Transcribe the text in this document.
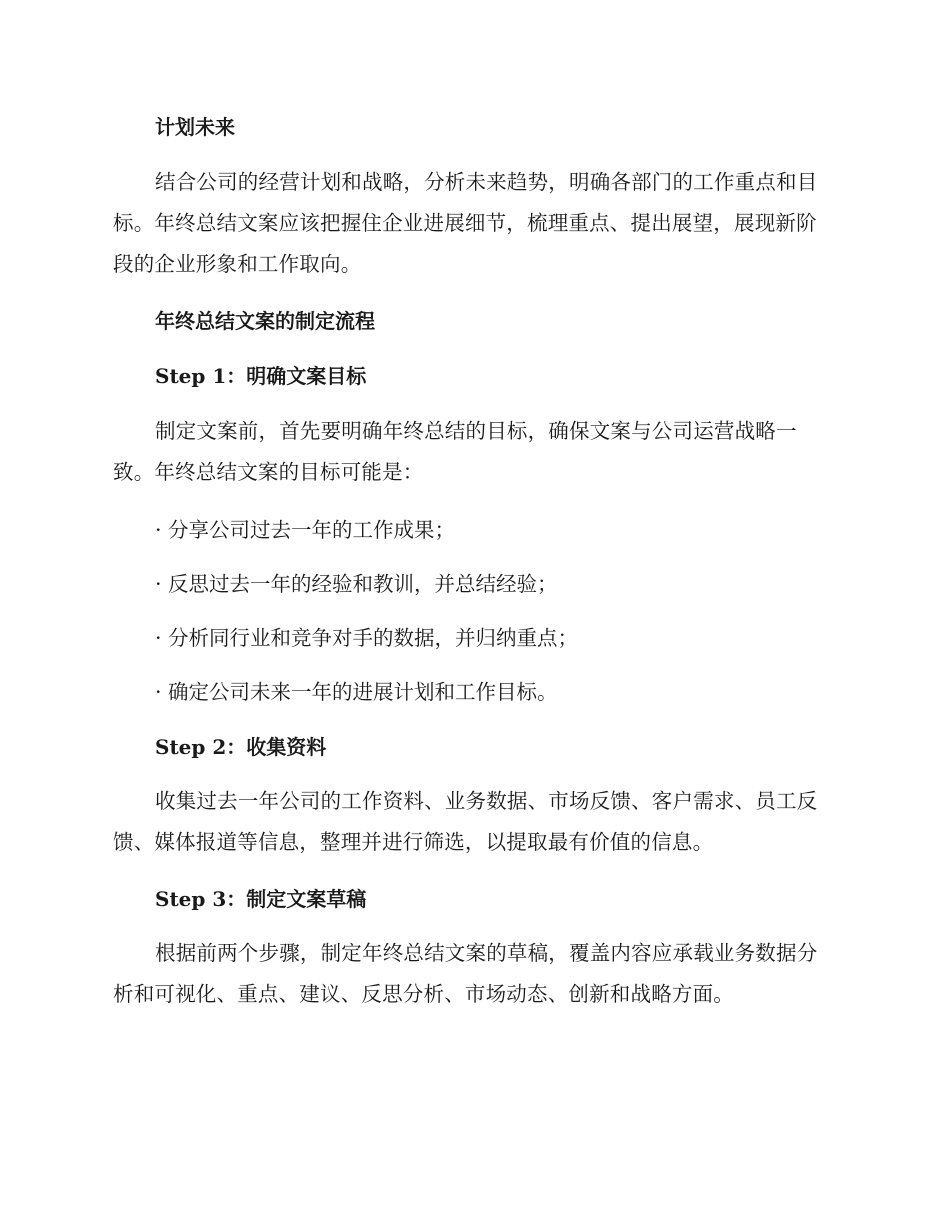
计划未来
结合公司的经营计划和战略，分析未来趋势，明确各部门的工作重点和目标。年终总结文案应该把握住企业进展细节，梳理重点、提出展望，展现新阶段的企业形象和工作取向。
年终总结文案的制定流程
Step 1：明确文案目标
制定文案前，首先要明确年终总结的目标，确保文案与公司运营战略一致。年终总结文案的目标可能是：
· 分享公司过去一年的工作成果；
· 反思过去一年的经验和教训，并总结经验；
· 分析同行业和竞争对手的数据，并归纳重点；
· 确定公司未来一年的进展计划和工作目标。
Step 2：收集资料
收集过去一年公司的工作资料、业务数据、市场反馈、客户需求、员工反馈、媒体报道等信息，整理并进行筛选，以提取最有价值的信息。
Step 3：制定文案草稿
根据前两个步骤，制定年终总结文案的草稿，覆盖内容应承载业务数据分析和可视化、重点、建议、反思分析、市场动态、创新和战略方面。
